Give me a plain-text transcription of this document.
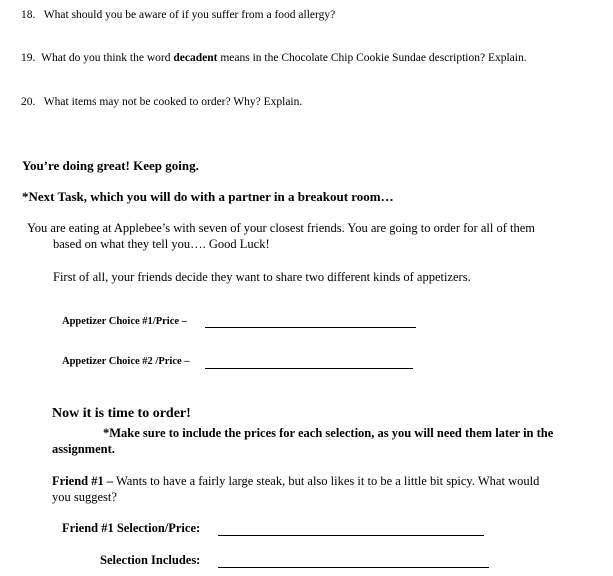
18. What should you be aware of if you suffer from a food allergy?
19. What do you think the word decadent means in the Chocolate Chip Cookie Sundae description? Explain.
20. What items may not be cooked to order? Why? Explain.
You’re doing great! Keep going.
*Next Task, which you will do with a partner in a breakout room…
You are eating at Applebee’s with seven of your closest friends. You are going to order for all of them
based on what they tell you…. Good Luck!
First of all, your friends decide they want to share two different kinds of appetizers.
Appetizer Choice #1/Price –
Appetizer Choice #2 /Price –
Now it is time to order!
*Make sure to include the prices for each selection, as you will need them later in the
assignment.
Friend #1 – Wants to have a fairly large steak, but also likes it to be a little bit spicy. What would
you suggest?
Friend #1 Selection/Price:
Selection Includes:
